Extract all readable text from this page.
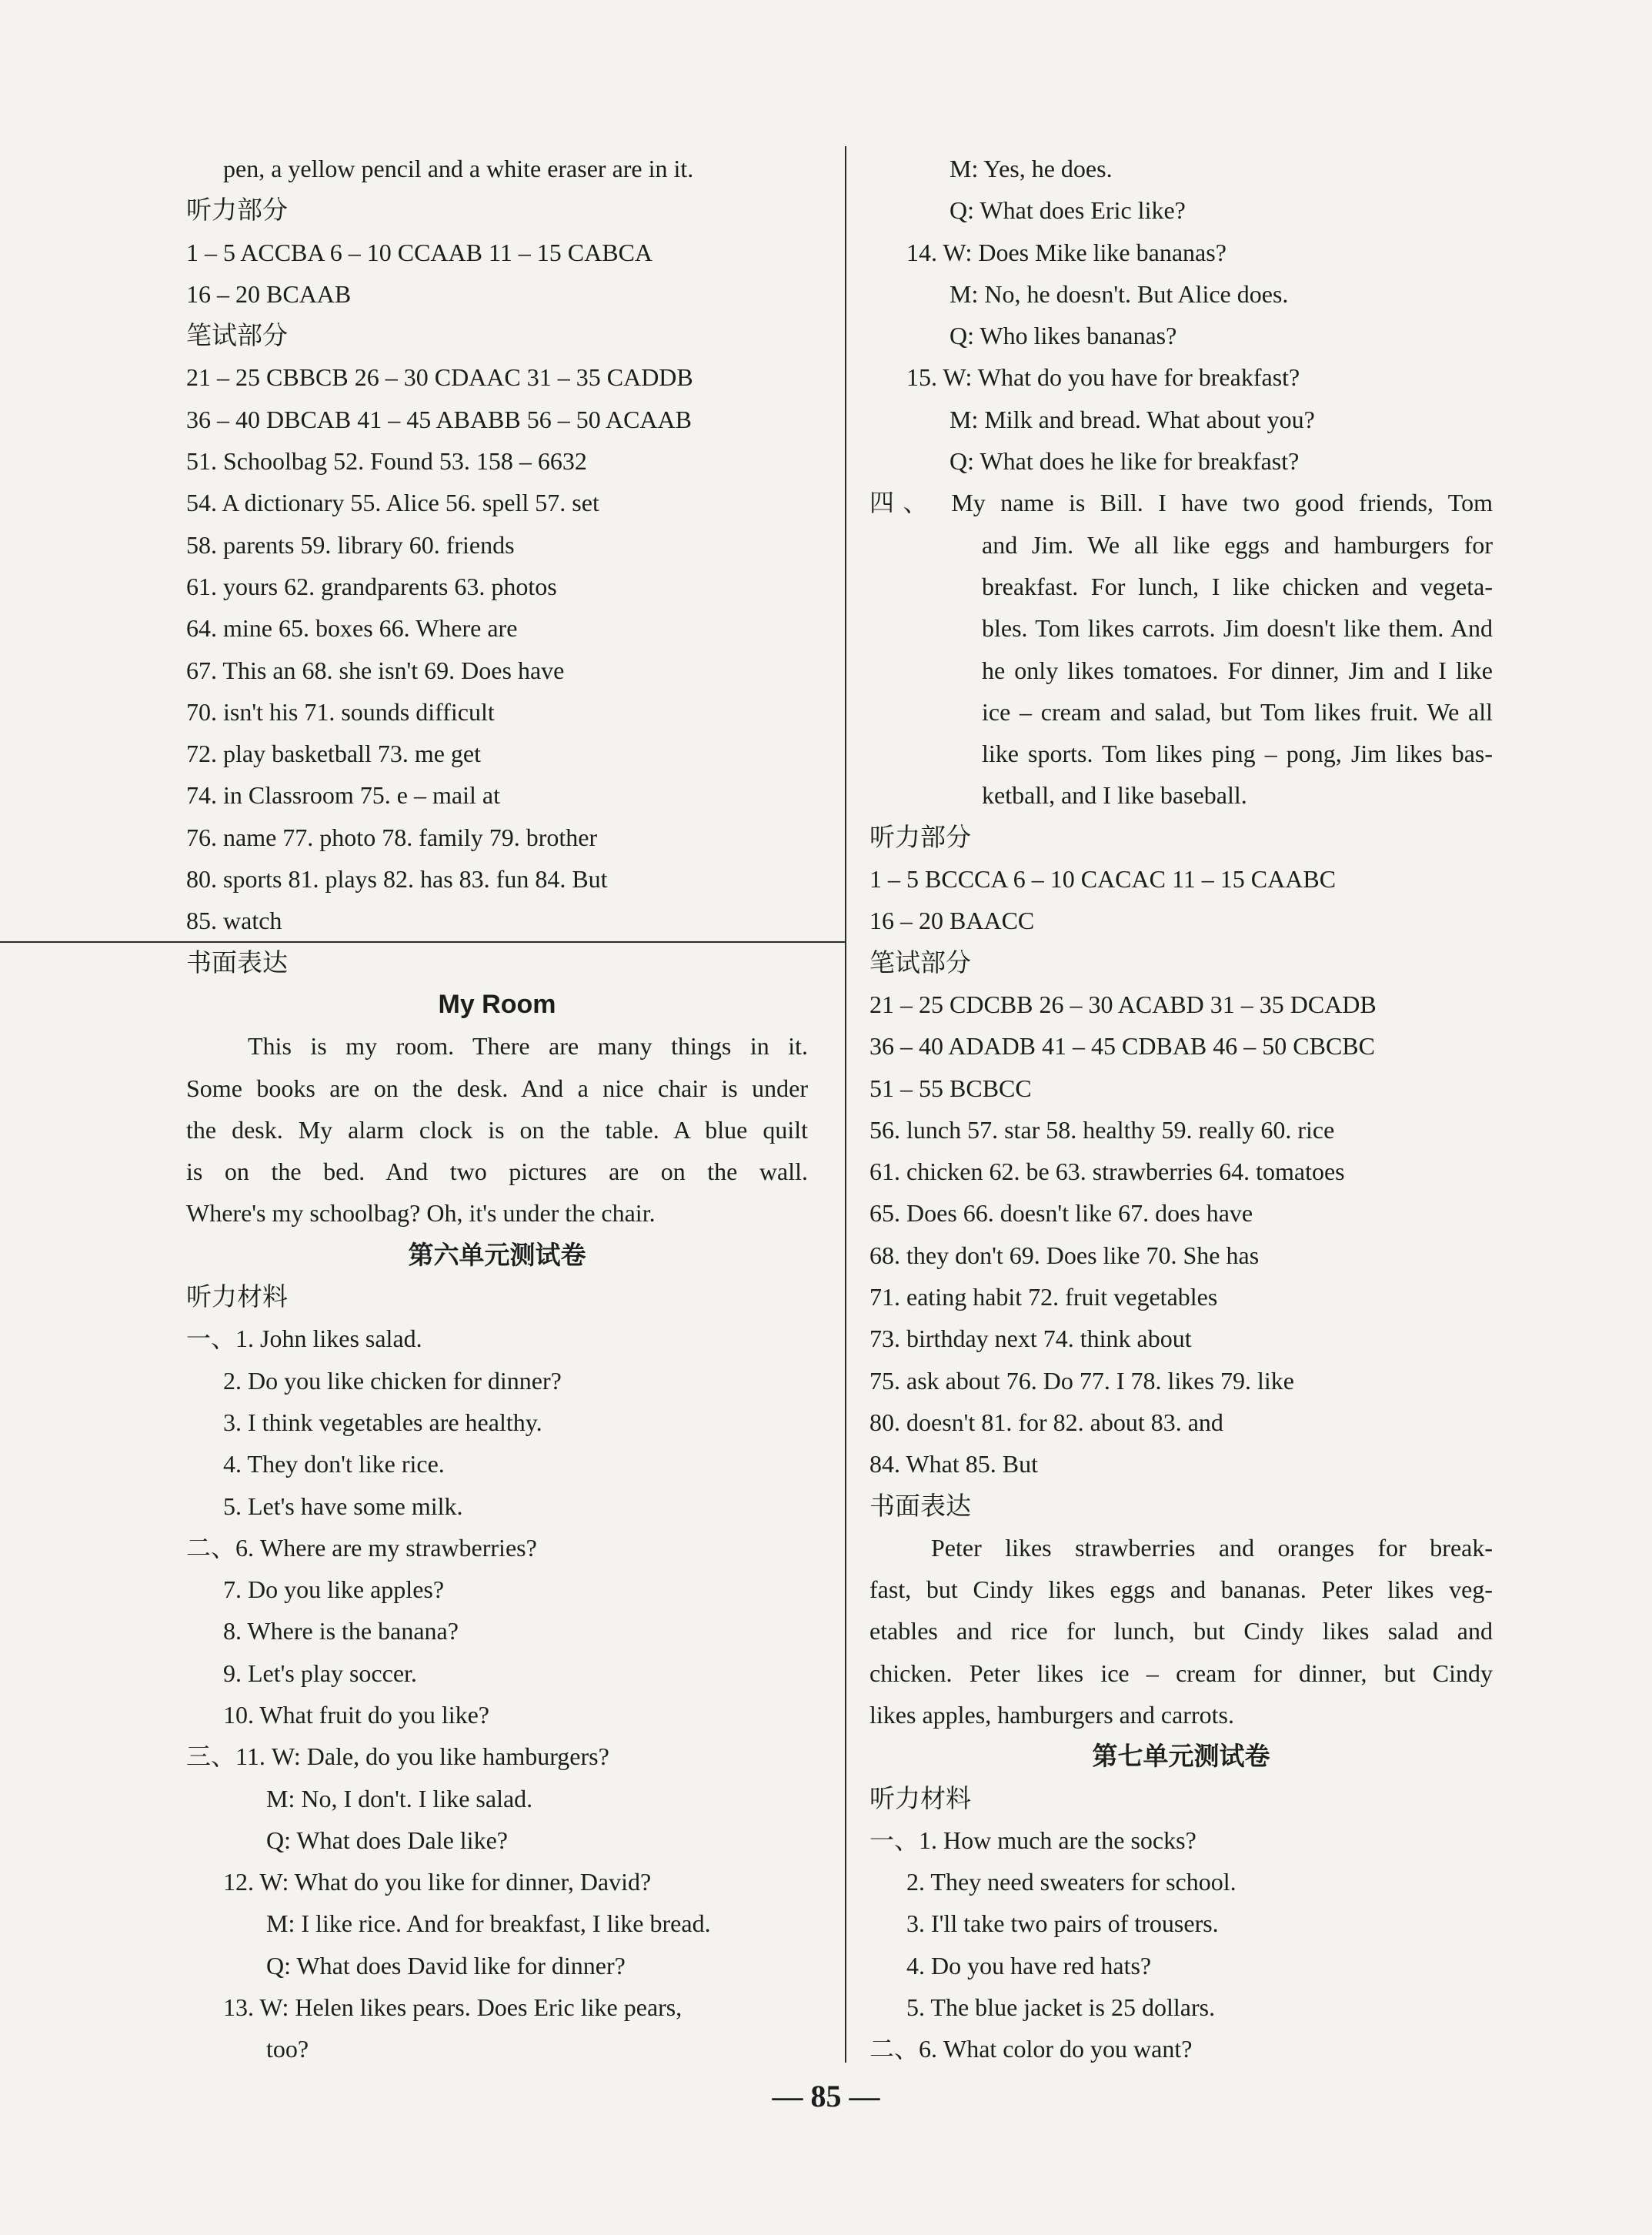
pen, a yellow pencil and a white eraser are in it.
听力部分
1 – 5 ACCBA 6 – 10 CCAAB 11 – 15 CABCA
16 – 20 BCAAB
笔试部分
21 – 25 CBBCB 26 – 30 CDAAC 31 – 35 CADDB
36 – 40 DBCAB 41 – 45 ABABB 56 – 50 ACAAB
51. Schoolbag 52. Found 53. 158 – 6632
54. A dictionary 55. Alice 56. spell 57. set
58. parents 59. library 60. friends
61. yours 62. grandparents 63. photos
64. mine 65. boxes 66. Where are
67. This an 68. she isn't 69. Does have
70. isn't his 71. sounds difficult
72. play basketball 73. me get
74. in Classroom 75. e – mail at
76. name 77. photo 78. family 79. brother
80. sports 81. plays 82. has 83. fun 84. But
85. watch
书面表达
My Room
This is my room. There are many things in it.
Some books are on the desk. And a nice chair is under
the desk. My alarm clock is on the table. A blue quilt
is on the bed. And two pictures are on the wall.
Where's my schoolbag? Oh, it's under the chair.
第六单元测试卷
听力材料
一、1. John likes salad.
2. Do you like chicken for dinner?
3. I think vegetables are healthy.
4. They don't like rice.
5. Let's have some milk.
二、6. Where are my strawberries?
7. Do you like apples?
8. Where is the banana?
9. Let's play soccer.
10. What fruit do you like?
三、11. W: Dale, do you like hamburgers?
M: No, I don't. I like salad.
Q: What does Dale like?
12. W: What do you like for dinner, David?
M: I like rice. And for breakfast, I like bread.
Q: What does David like for dinner?
13. W: Helen likes pears. Does Eric like pears,
too?
M: Yes, he does.
Q: What does Eric like?
14. W: Does Mike like bananas?
M: No, he doesn't. But Alice does.
Q: Who likes bananas?
15. W: What do you have for breakfast?
M: Milk and bread. What about you?
Q: What does he like for breakfast?
四、 My name is Bill. I have two good friends, Tom
and Jim. We all like eggs and hamburgers for
breakfast. For lunch, I like chicken and vegeta-
bles. Tom likes carrots. Jim doesn't like them. And
he only likes tomatoes. For dinner, Jim and I like
ice – cream and salad, but Tom likes fruit. We all
like sports. Tom likes ping – pong, Jim likes bas-
ketball, and I like baseball.
听力部分
1 – 5 BCCCA 6 – 10 CACAC 11 – 15 CAABC
16 – 20 BAACC
笔试部分
21 – 25 CDCBB 26 – 30 ACABD 31 – 35 DCADB
36 – 40 ADADB 41 – 45 CDBAB 46 – 50 CBCBC
51 – 55 BCBCC
56. lunch 57. star 58. healthy 59. really 60. rice
61. chicken 62. be 63. strawberries 64. tomatoes
65. Does 66. doesn't like 67. does have
68. they don't 69. Does like 70. She has
71. eating habit 72. fruit vegetables
73. birthday next 74. think about
75. ask about 76. Do 77. I 78. likes 79. like
80. doesn't 81. for 82. about 83. and
84. What 85. But
书面表达
Peter likes strawberries and oranges for break-
fast, but Cindy likes eggs and bananas. Peter likes veg-
etables and rice for lunch, but Cindy likes salad and
chicken. Peter likes ice – cream for dinner, but Cindy
likes apples, hamburgers and carrots.
第七单元测试卷
听力材料
一、1. How much are the socks?
2. They need sweaters for school.
3. I'll take two pairs of trousers.
4. Do you have red hats?
5. The blue jacket is 25 dollars.
二、6. What color do you want?
— 85 —
